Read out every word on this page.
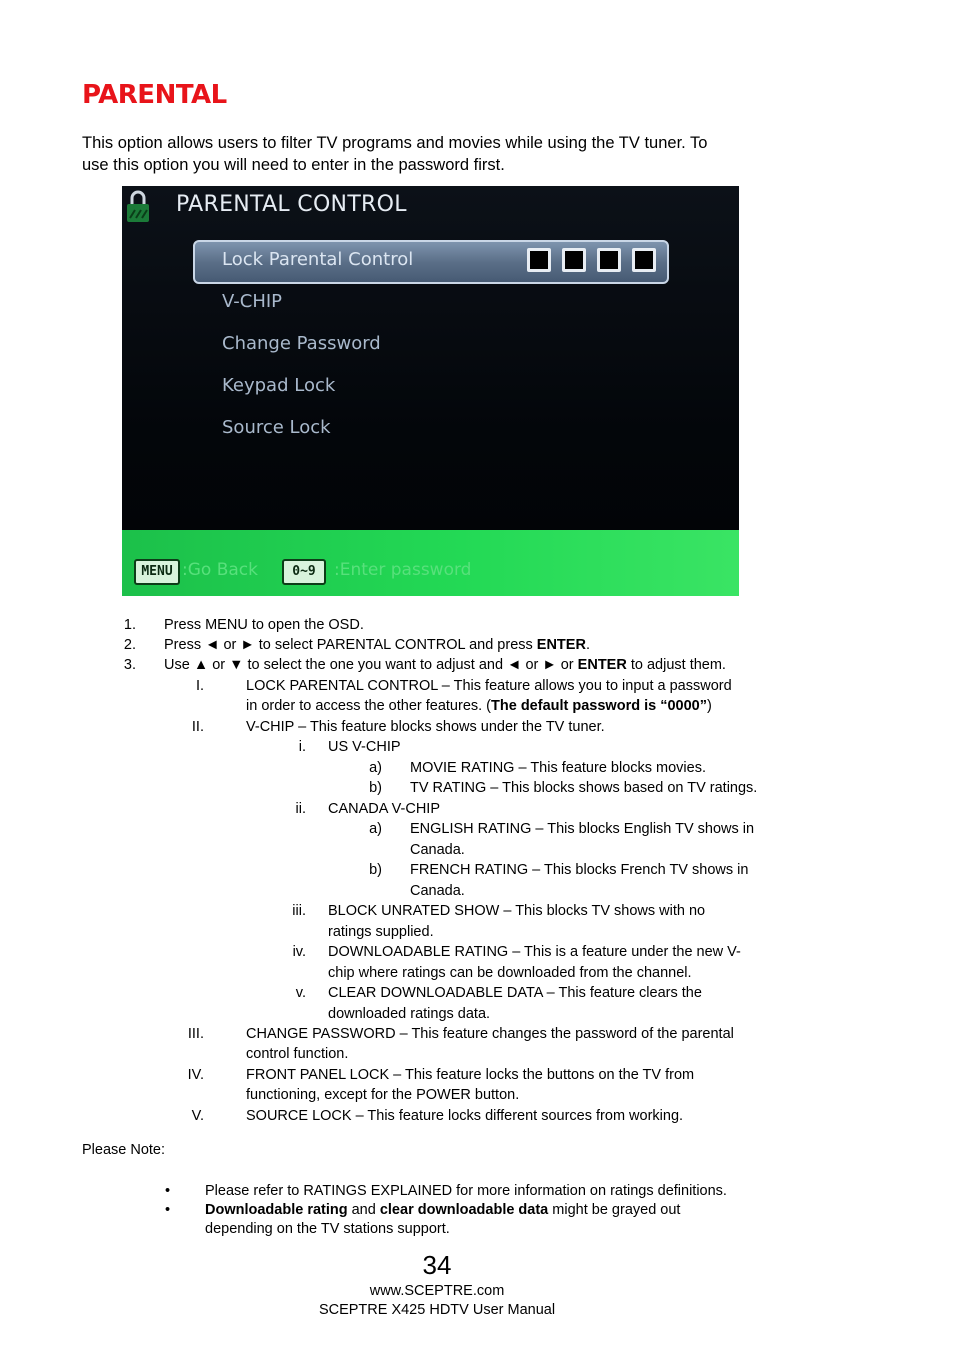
PARENTAL
This option allows users to filter TV programs and movies while using the TV tuner. To
use this option you will need to enter in the password first.
PARENTAL CONTROL
Lock Parental Control
V-CHIP
Change Password
Keypad Lock
Source Lock
MENU :Go Back	0~9	:Enter password
1. Press MENU to open the OSD.
2. Press ◄ or ► to select PARENTAL CONTROL and press ENTER.
3. Use ▲ or ▼ to select the one you want to adjust and ◄ or ► or ENTER to adjust them.
I.	LOCK PARENTAL CONTROL – This feature allows you to input a password
in order to access the other features. (The default password is “0000”)
II.	V-CHIP – This feature blocks shows under the TV tuner.
i. US V-CHIP
a) MOVIE RATING – This feature blocks movies.
b) TV RATING – This blocks shows based on TV ratings.
ii. CANADA V-CHIP
a) ENGLISH RATING – This blocks English TV shows in
Canada.
b) FRENCH RATING – This blocks French TV shows in
Canada.
iii. BLOCK UNRATED SHOW – This blocks TV shows with no
ratings supplied.
iv. DOWNLOADABLE RATING – This is a feature under the new V-
chip where ratings can be downloaded from the channel.
v. CLEAR DOWNLOADABLE DATA – This feature clears the
downloaded ratings data.
III.	CHANGE PASSWORD – This feature changes the password of the parental
control function.
IV.	FRONT PANEL LOCK – This feature locks the buttons on the TV from
functioning, except for the POWER button.
V.	SOURCE LOCK – This feature locks different sources from working.
Please Note:
• Please refer to RATINGS EXPLAINED for more information on ratings definitions.
• Downloadable rating and clear downloadable data might be grayed out
depending on the TV stations support.
34
www.SCEPTRE.com
SCEPTRE X425 HDTV User Manual
